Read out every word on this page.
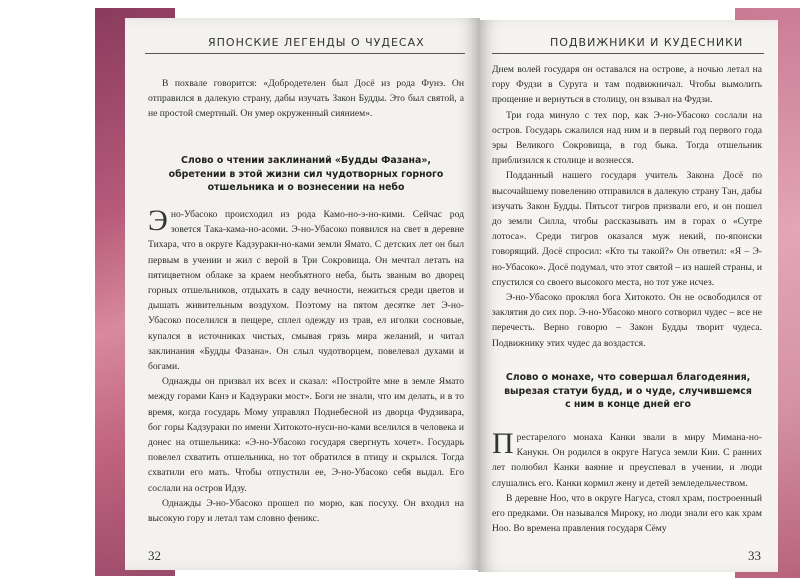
ЯПОНСКИЕ ЛЕГЕНДЫ О ЧУДЕСАХ

В похвале говорится: «Добродетелен был Досё из рода Фунэ. Он отправился в далекую страну, дабы изучать Закон Будды. Это был святой, а не простой смертный. Он умер окруженный сиянием».

Слово о чтении заклинаний «Будды Фазана», обретении в этой жизни сил чудотворных горного отшельника и о вознесении на небо

Эно-Убасоко происходил из рода Камо-но-э-но-кими. Сейчас род зовется Така-кама-но-асоми. Э-но-Убасоко появился на свет в деревне Тихара, что в округе Кадзураки-но-ками земли Ямато. С детских лет он был первым в учении и жил с верой в Три Сокровища. Он мечтал летать на пятицветном облаке за краем необъятного неба, быть званым во дворец горных отшельников, отдыхать в саду вечности, нежиться среди цветов и дышать живительным воздухом. Поэтому на пятом десятке лет Э-но-Убасоко поселился в пещере, сплел одежду из трав, ел иголки сосновые, купался в источниках чистых, смывая грязь мира желаний, и читал заклинания «Будды Фазана». Он слыл чудотворцем, повелевал духами и богами.

Однажды он призвал их всех и сказал: «Постройте мне в земле Ямато между горами Канэ и Кадзураки мост». Боги не знали, что им делать, и в то время, когда государь Мому управлял Поднебесной из дворца Фудзивара, бог горы Кадзураки по имени Хитокото-нуси-но-ками вселился в человека и донес на отшельника: «Э-но-Убасоко государя свергнуть хочет». Государь повелел схватить отшельника, но тот обратился в птицу и скрылся. Тогда схватили его мать. Чтобы отпустили ее, Э-но-Убасоко себя выдал. Его сослали на остров Идзу.

Однажды Э-но-Убасоко прошел по морю, как посуху. Он входил на высокую гору и летал там словно феникс.

32
ПОДВИЖНИКИ И КУДЕСНИКИ

Днем волей государя он оставался на острове, а ночью летал на гору Фудзи в Суруга и там подвижничал. Чтобы вымолить прощение и вернуться в столицу, он взывал на Фудзи.

Три года минуло с тех пор, как Э-но-Убасоко сослали на остров. Государь сжалился над ним и в первый год первого года эры Великого Сокровища, в год быка. Тогда отшельник приблизился к столице и вознесся.

Подданный нашего государя учитель Закона Досё по высочайшему повелению отправился в далекую страну Тан, дабы изучать Закон Будды. Пятьсот тигров призвали его, и он пошел до земли Силла, чтобы рассказывать им в горах о «Сутре лотоса». Среди тигров оказался муж некий, по-японски говорящий. Досё спросил: «Кто ты такой?» Он ответил: «Я – Э-но-Убасоко». Досё подумал, что этот святой – из нашей страны, и спустился со своего высокого места, но тот уже исчез.

Э-но-Убасоко проклял бога Хитокото. Он не освободился от заклятия до сих пор. Э-но-Убасоко много сотворил чудес – все не перечесть. Верно говорю – Закон Будды творит чудеса. Подвижнику этих чудес да воздастся.

Слово о монахе, что совершал благодеяния, вырезая статуи будд, и о чуде, случившемся с ним в конце дней его

Престарелого монаха Канки звали в миру Мимана-но-Канукн. Он родился в округе Нагуса земли Кии. С ранних лет полюбил Канки ваяние и преуспевал в учении, и люди слушались его. Канки кормил жену и детей земледельчеством.

В деревне Ноо, что в округе Нагуса, стоял храм, построенный его предками. Он назывался Мироку, но люди знали его как храм Ноо. Во времена правления государя Сёму

33
